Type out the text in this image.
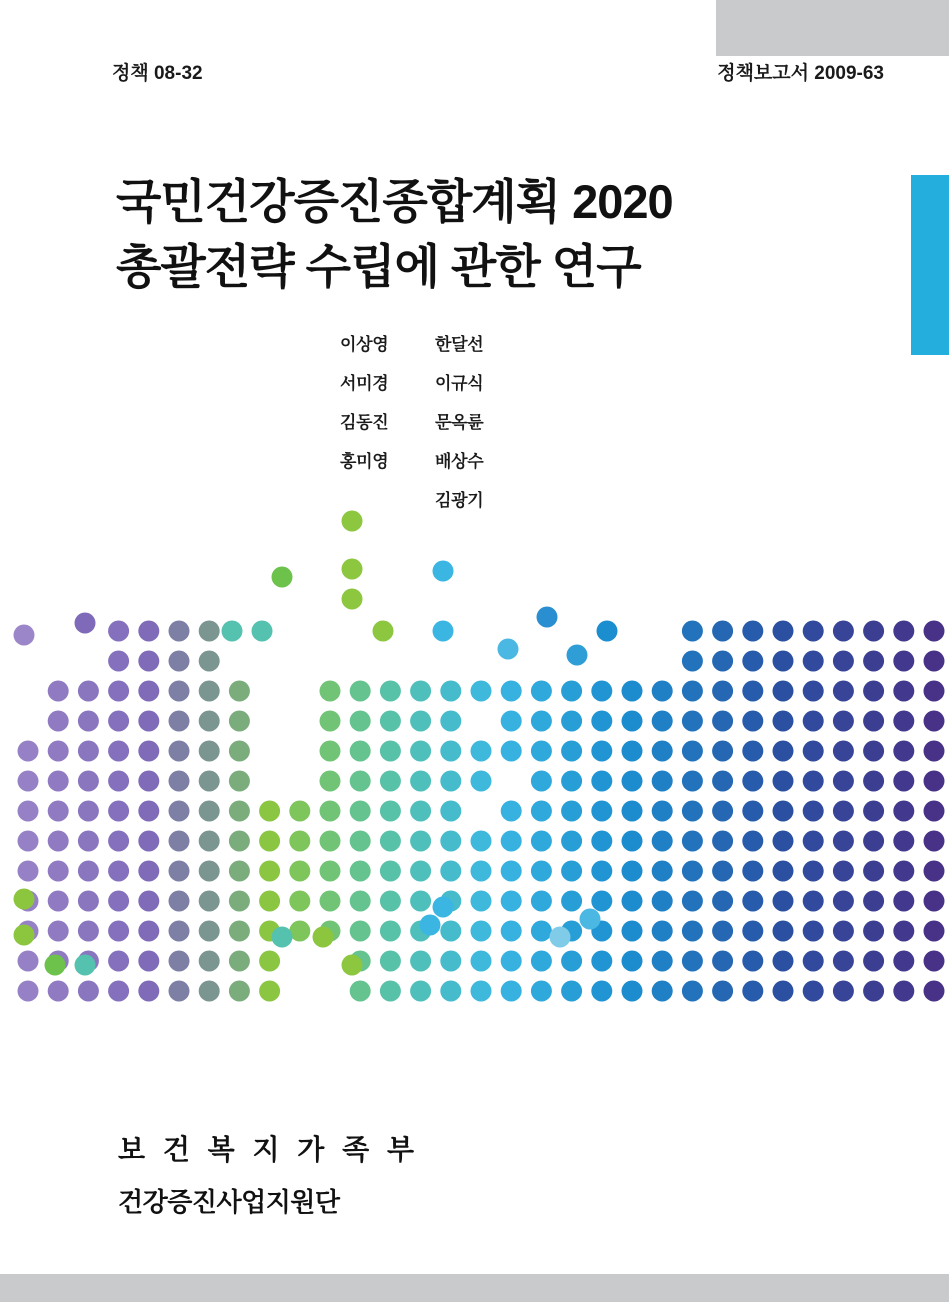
정책 08-32	정책보고서 2009-63
국민건강증진종합계획 2020
총괄전략 수립에 관한 연구
이상영	한달선
서미경	이규식
김동진	문옥륜
홍미영	배상수
김광기
보 건 복 지 가 족 부
건강증진사업지원단
